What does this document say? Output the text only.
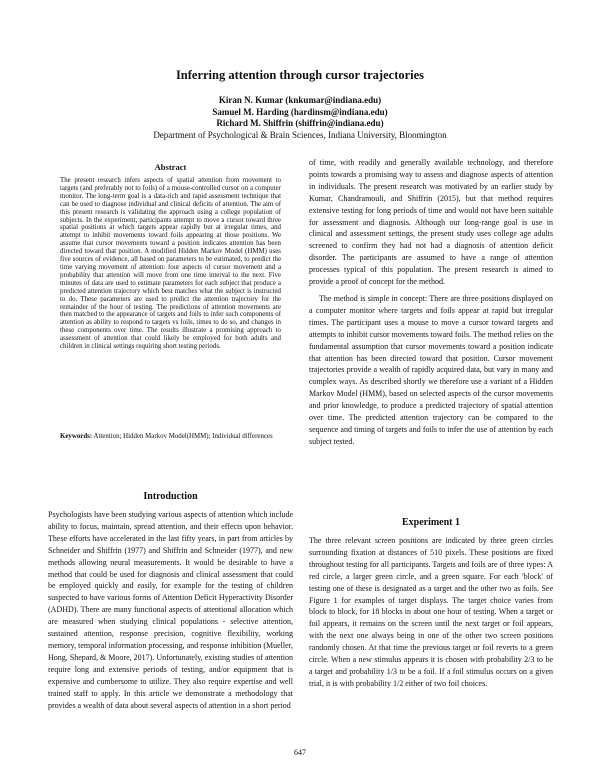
Inferring attention through cursor trajectories
Kiran N. Kumar (knkumar@indiana.edu)
Samuel M. Harding (hardinsm@indiana.edu)
Richard M. Shiffrin (shiffrin@indiana.edu)
Department of Psychological & Brain Sciences, Indiana University, Bloomington
Abstract
The present research infers aspects of spatial attention from movement to targets (and preferably not to foils) of a mouse-controlled cursor on a computer monitor. The long-term goal is a data-rich and rapid assessment technique that can be used to diagnose individual and clinical deficits of attention. The aim of this present research is validating the approach using a college population of subjects. In the experiment, participants attempt to move a cursor toward three spatial positions at which targets appear rapidly but at irregular times, and attempt to inhibit movements toward foils appearing at those positions. We assume that cursor movements toward a position indicates attention has been directed toward that position. A modified Hidden Markov Model (HMM) uses five sources of evidence, all based on parameters to be estimated, to predict the time varying movement of attention: four aspects of cursor movement and a probability that attention will move from one time interval to the next. Five minutes of data are used to estimate parameters for each subject that produce a predicted attention trajectory which best matches what the subject is instructed to do. These parameters are used to predict the attention trajectory for the remainder of the hour of testing. The predictions of attention movements are then matched to the appearance of targets and foils to infer such components of attention as ability to respond to targets vs foils, times to do so, and changes in these components over time. The results illustrate a promising approach to assessment of attention that could likely be employed for both adults and children in clinical settings requiring short testing periods.
Keywords: Attention; Hidden Markov Model(HMM); Individual differences
Introduction

Psychologists have been studying various aspects of attention which include ability to focus, maintain, spread attention, and their effects upon behavior. These efforts have accelerated in the last fifty years, in part from articles by Schneider and Shiffrin (1977) and Shiffrin and Schneider (1977), and new methods allowing neural measurements. It would be desirable to have a method that could be used for diagnosis and clinical assessment that could be employed quickly and easily, for example for the testing of children suspected to have various forms of Attention Deficit Hyperactivity Disorder (ADHD). There are many functional aspects of attentional allocation which are measured when studying clinical populations - selective attention, sustained attention, response precision, cognitive flexibility, working memory, temporal information processing, and response inhibition (Mueller, Hong, Shepard, & Moore, 2017). Unfortunately, existing studies of attention require long and extensive periods of testing, and/or equipment that is expensive and cumbersome to utilize. They also require expertise and well trained staff to apply. In this article we demonstrate a methodology that provides a wealth of data about several aspects of attention in a short period

of time, with readily and generally available technology, and therefore points towards a promising way to assess and diagnose aspects of attention in individuals. The present research was motivated by an earlier study by Kumar, Chandramouli, and Shiffrin (2015), but that method requires extensive testing for long periods of time and would not have been suitable for assessment and diagnosis. Although our long-range goal is use in clinical and assessment settings, the present study uses college age adults screened to confirm they had not had a diagnosis of attention deficit disorder. The participants are assumed to have a range of attention processes typical of this population. The present research is aimed to provide a proof of concept for the method.

The method is simple in concept: There are three positions displayed on a computer monitor where targets and foils appear at rapid but irregular times. The participant uses a mouse to move a cursor toward targets and attempts to inhibit cursor movements toward foils. The method relies on the fundamental assumption that cursor movements toward a position indicate that attention has been directed toward that position. Cursor movement trajectories provide a wealth of rapidly acquired data, but vary in many and complex ways. As described shortly we therefore use a variant of a Hidden Markov Model (HMM), based on selected aspects of the cursor movements and prior knowledge, to produce a predicted trajectory of spatial attention over time. The predicted attention trajectory can be compared to the sequence and timing of targets and foils to infer the use of attention by each subject tested.

Experiment 1

The three relevant screen positions are indicated by three green circles surrounding fixation at distances of 510 pixels. These positions are fixed throughout testing for all participants. Targets and foils are of three types: A red circle, a larger green circle, and a green square. For each 'block' of testing one of these is designated as a target and the other two as foils. See Figure 1 for examples of target displays. The target choice varies from block to block, for 18 blocks in about one hour of testing. When a target or foil appears, it remains on the screen until the next target or foil appears, with the next one always being in one of the other two screen positions randomly chosen. At that time the previous target or foil reverts to a green circle. When a new stimulus appears it is chosen with probability 2/3 to be a target and probability 1/3 to be a foil. If a foil stimulus occurs on a given trial, it is with probability 1/2 either of two foil choices.

647
